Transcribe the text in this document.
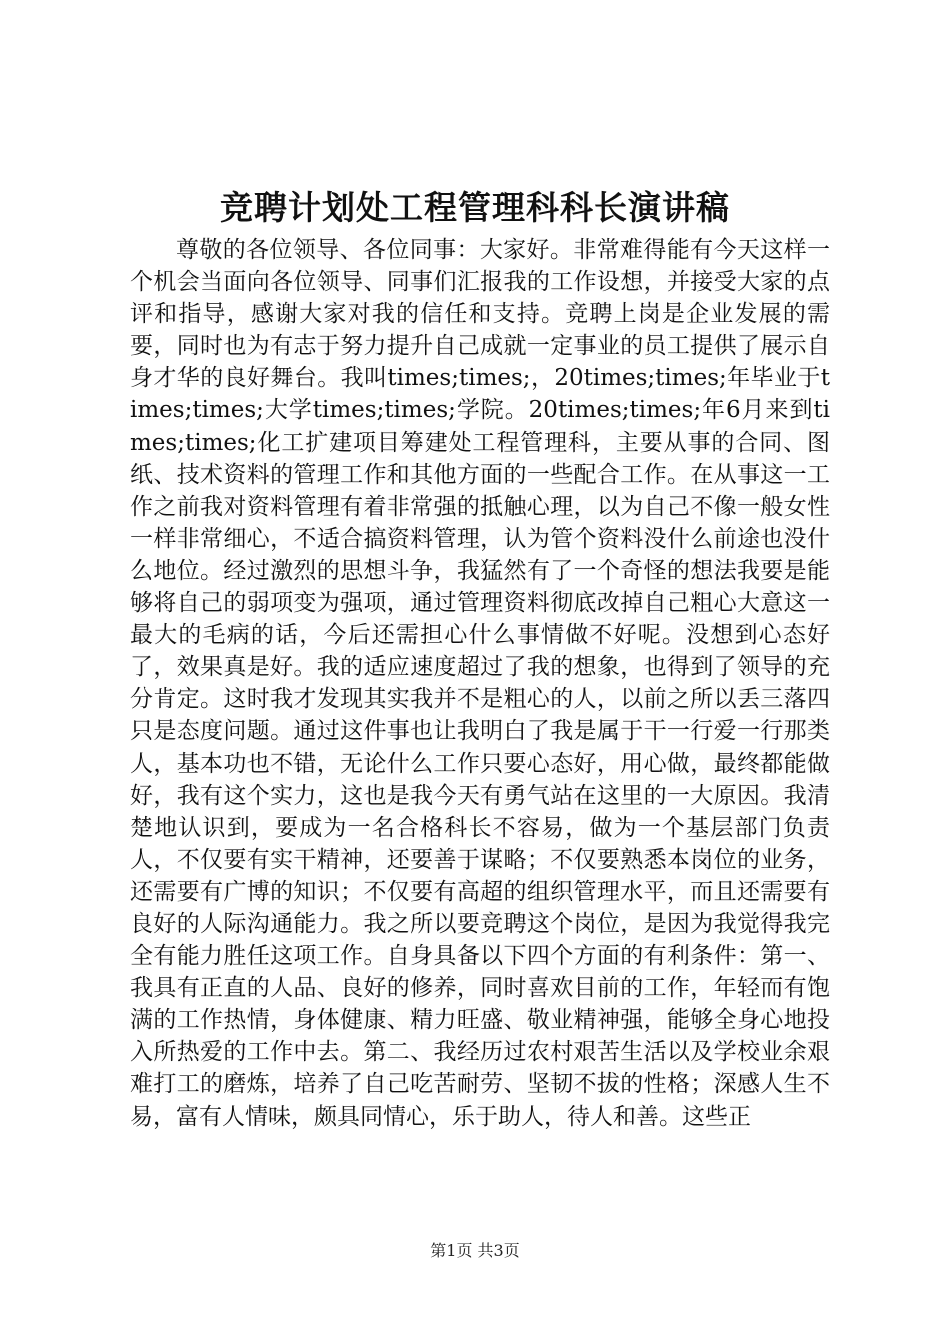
竞聘计划处工程管理科科长演讲稿

尊敬的各位领导、各位同事：大家好。非常难得能有今天这样一个机会当面向各位领导、同事们汇报我的工作设想，并接受大家的点评和指导，感谢大家对我的信任和支持。竞聘上岗是企业发展的需要，同时也为有志于努力提升自己成就一定事业的员工提供了展示自身才华的良好舞台。我叫times;times;，20times;times;年毕业于times;times;大学times;times;学院。20times;times;年6月来到times;times;化工扩建项目筹建处工程管理科，主要从事的合同、图纸、技术资料的管理工作和其他方面的一些配合工作。在从事这一工作之前我对资料管理有着非常强的抵触心理，以为自己不像一般女性一样非常细心，不适合搞资料管理，认为管个资料没什么前途也没什么地位。经过激烈的思想斗争，我猛然有了一个奇怪的想法我要是能够将自己的弱项变为强项，通过管理资料彻底改掉自己粗心大意这一最大的毛病的话，今后还需担心什么事情做不好呢。没想到心态好了，效果真是好。我的适应速度超过了我的想象，也得到了领导的充分肯定。这时我才发现其实我并不是粗心的人，以前之所以丢三落四只是态度问题。通过这件事也让我明白了我是属于干一行爱一行那类人，基本功也不错，无论什么工作只要心态好，用心做，最终都能做好，我有这个实力，这也是我今天有勇气站在这里的一大原因。我清楚地认识到，要成为一名合格科长不容易，做为一个基层部门负责人，不仅要有实干精神，还要善于谋略；不仅要熟悉本岗位的业务，还需要有广博的知识；不仅要有高超的组织管理水平，而且还需要有良好的人际沟通能力。我之所以要竞聘这个岗位，是因为我觉得我完全有能力胜任这项工作。自身具备以下四个方面的有利条件：第一、我具有正直的人品、良好的修养，同时喜欢目前的工作，年轻而有饱满的工作热情，身体健康、精力旺盛、敬业精神强，能够全身心地投入所热爱的工作中去。第二、我经历过农村艰苦生活以及学校业余艰难打工的磨炼，培养了自己吃苦耐劳、坚韧不拔的性格；深感人生不易，富有人情味，颇具同情心，乐于助人，待人和善。这些正

第1页 共3页
